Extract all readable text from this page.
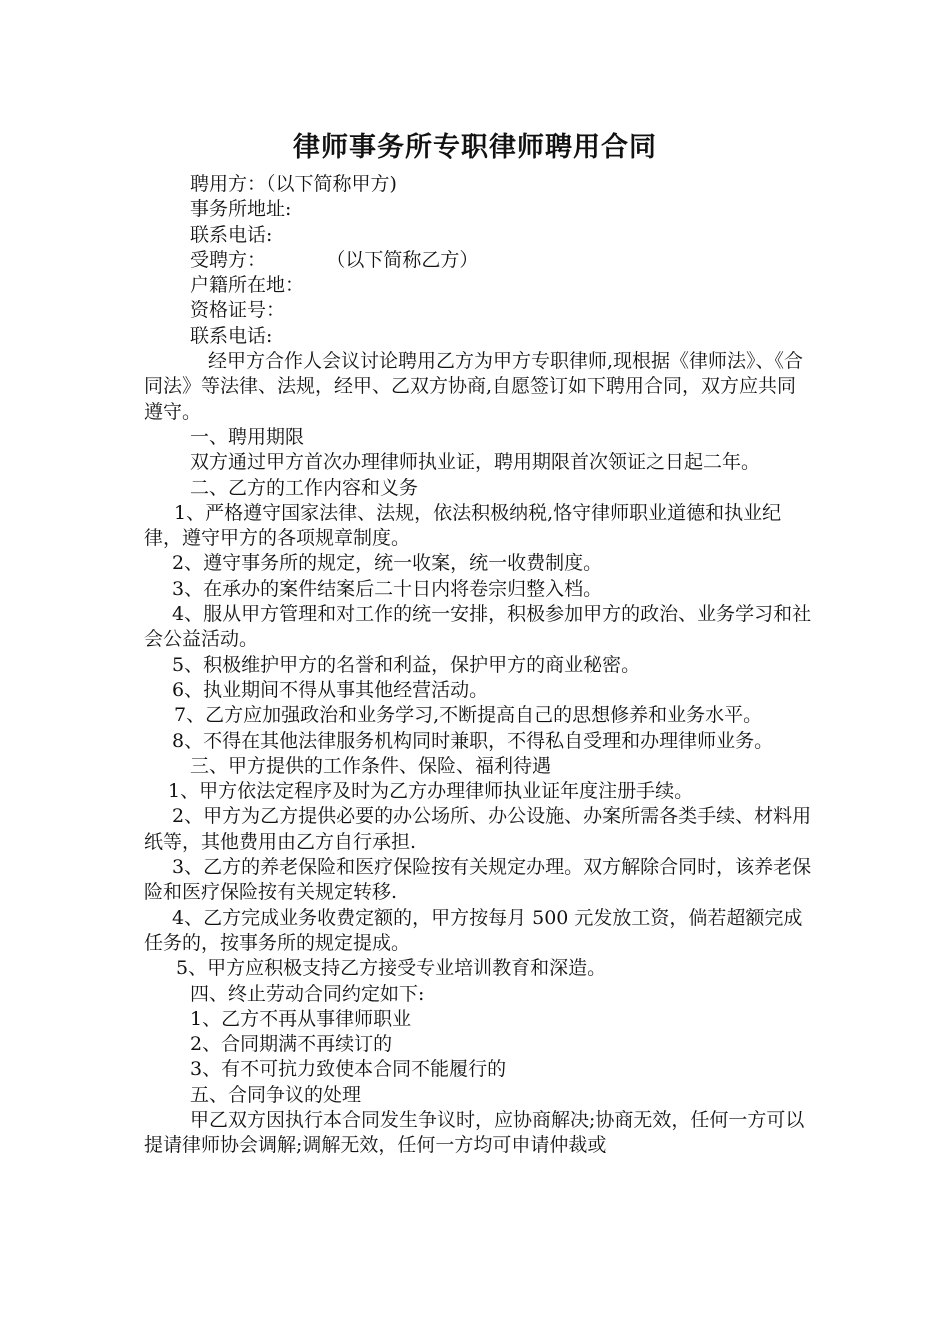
律师事务所专职律师聘用合同

聘用方：（以下简称甲方)

事务所地址:

联系电话:

受聘方：          （以下简称乙方）

户籍所在地：

资格证号：

联系电话:

经甲方合作人会议讨论聘用乙方为甲方专职律师,现根据《律师法》、《合同法》等法律、法规，经甲、乙双方协商,自愿签订如下聘用合同，双方应共同遵守。

一、聘用期限

双方通过甲方首次办理律师执业证，聘用期限首次领证之日起二年。

二、乙方的工作内容和义务

1、严格遵守国家法律、法规，依法积极纳税,恪守律师职业道德和执业纪律，遵守甲方的各项规章制度。

2、遵守事务所的规定，统一收案，统一收费制度。

3、在承办的案件结案后二十日内将卷宗归整入档。

4、服从甲方管理和对工作的统一安排，积极参加甲方的政治、业务学习和社会公益活动。

5、积极维护甲方的名誉和利益，保护甲方的商业秘密。

6、执业期间不得从事其他经营活动。

7、乙方应加强政治和业务学习,不断提高自己的思想修养和业务水平。

8、不得在其他法律服务机构同时兼职，不得私自受理和办理律师业务。

三、甲方提供的工作条件、保险、福利待遇

1、甲方依法定程序及时为乙方办理律师执业证年度注册手续。

2、甲方为乙方提供必要的办公场所、办公设施、办案所需各类手续、材料用纸等，其他费用由乙方自行承担.

3、乙方的养老保险和医疗保险按有关规定办理。双方解除合同时，该养老保险和医疗保险按有关规定转移.

4、乙方完成业务收费定额的，甲方按每月 500 元发放工资，倘若超额完成任务的，按事务所的规定提成。

5、甲方应积极支持乙方接受专业培训教育和深造。

四、终止劳动合同约定如下:

1、乙方不再从事律师职业

2、合同期满不再续订的

3、有不可抗力致使本合同不能履行的

五、合同争议的处理

甲乙双方因执行本合同发生争议时，应协商解决;协商无效，任何一方可以提请律师协会调解;调解无效，任何一方均可申请仲裁或
